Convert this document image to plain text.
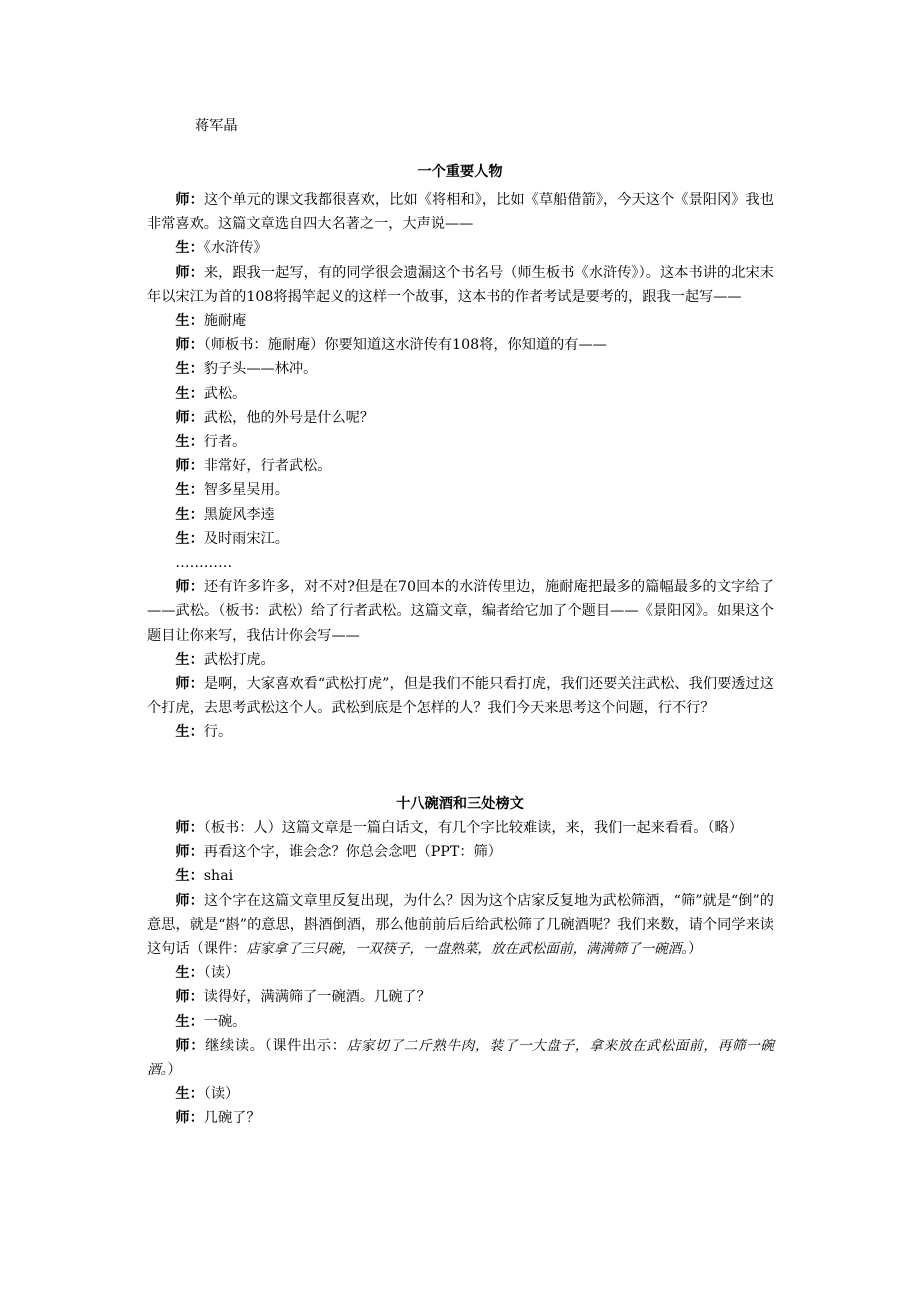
蒋军晶
一个重要人物

师：这个单元的课文我都很喜欢，比如《将相和》，比如《草船借箭》，今天这个《景阳冈》我也非常喜欢。这篇文章选自四大名著之一，大声说——

生：《水浒传》

师：来，跟我一起写，有的同学很会遗漏这个书名号（师生板书《水浒传》）。这本书讲的北宋末年以宋江为首的108将揭竿起义的这样一个故事，这本书的作者考试是要考的，跟我一起写——

生：施耐庵

师：（师板书：施耐庵）你要知道这水浒传有108将，你知道的有——

生：豹子头——林冲。

生：武松。

师：武松，他的外号是什么呢？

生：行者。

师：非常好，行者武松。

生：智多星吴用。

生：黑旋风李逵

生：及时雨宋江。

…………

师：还有许多许多，对不对?但是在70回本的水浒传里边，施耐庵把最多的篇幅最多的文字给了——武松。（板书：武松）给了行者武松。这篇文章，编者给它加了个题目——《景阳冈》。如果这个题目让你来写，我估计你会写——

生：武松打虎。

师：是啊，大家喜欢看“武松打虎”，但是我们不能只看打虎，我们还要关注武松、我们要透过这个打虎，去思考武松这个人。武松到底是个怎样的人？我们今天来思考这个问题，行不行？

生：行。

十八碗酒和三处榜文

师：（板书：人）这篇文章是一篇白话文，有几个字比较难读，来，我们一起来看看。（略）

师：再看这个字，谁会念？你总会念吧（PPT：筛）

生：shai

师：这个字在这篇文章里反复出现，为什么？因为这个店家反复地为武松筛酒，“筛”就是“倒”的意思，就是“斟”的意思，斟酒倒酒，那么他前前后后给武松筛了几碗酒呢？我们来数，请个同学来读这句话（课件：店家拿了三只碗，一双筷子，一盘熟菜，放在武松面前，满满筛了一碗酒。）

生：（读）

师：读得好，满满筛了一碗酒。几碗了？

生：一碗。

师：继续读。（课件出示：店家切了二斤熟牛肉，装了一大盘子，拿来放在武松面前，再筛一碗酒。）

生：（读）

师：几碗了？
